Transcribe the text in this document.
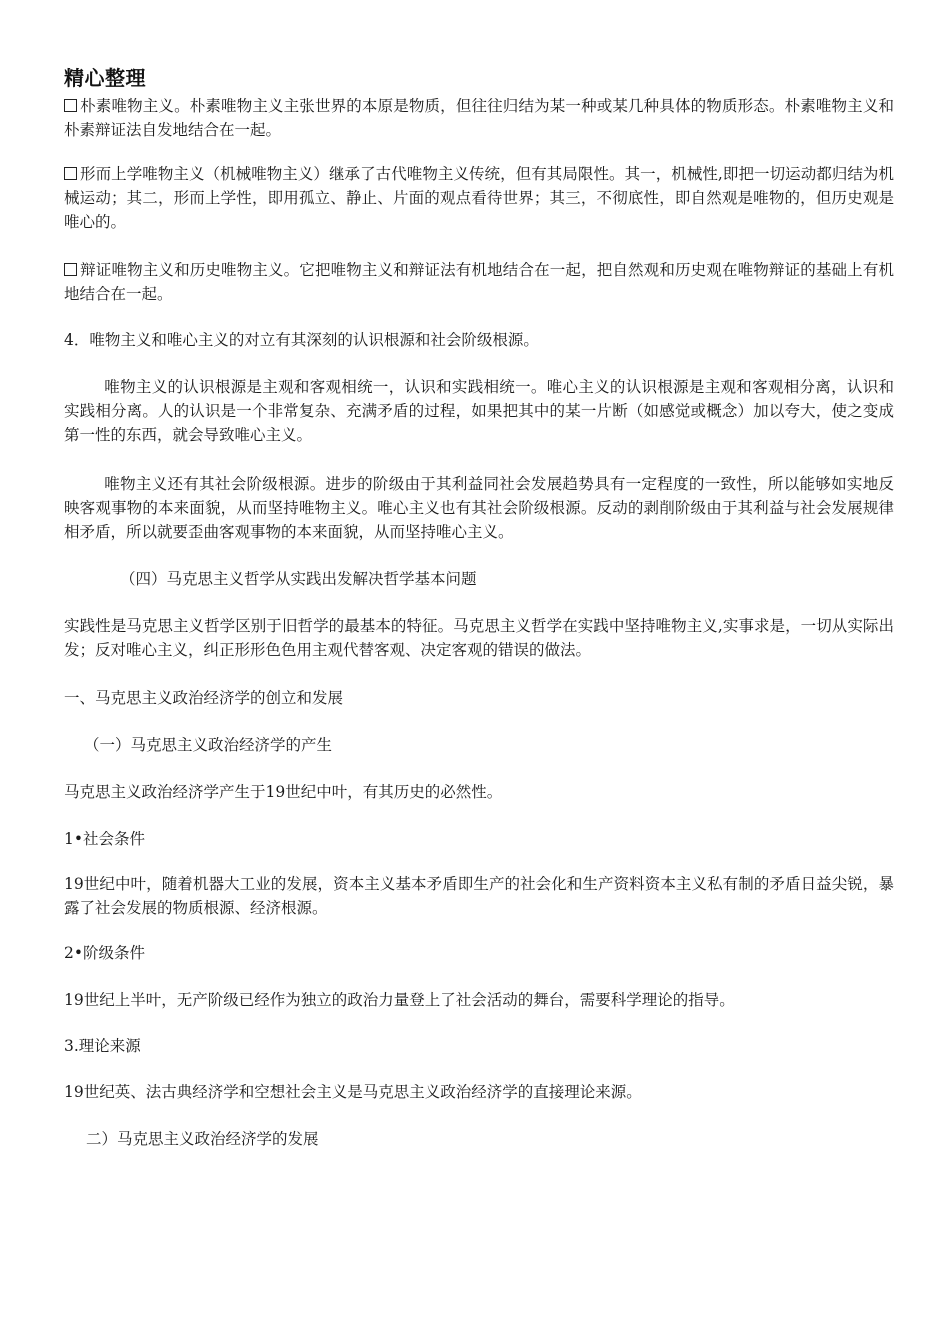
精心整理

朴素唯物主义。朴素唯物主义主张世界的本原是物质，但往往归结为某一种或某几种具体的物质形态。朴素唯物主义和朴素辩证法自发地结合在一起。

形而上学唯物主义（机械唯物主义）继承了古代唯物主义传统，但有其局限性。其一，机械性,即把一切运动都归结为机械运动；其二，形而上学性，即用孤立、静止、片面的观点看待世界；其三，不彻底性，即自然观是唯物的，但历史观是唯心的。

辩证唯物主义和历史唯物主义。它把唯物主义和辩证法有机地结合在一起，把自然观和历史观在唯物辩证的基础上有机地结合在一起。

4．唯物主义和唯心主义的对立有其深刻的认识根源和社会阶级根源。

唯物主义的认识根源是主观和客观相统一，认识和实践相统一。唯心主义的认识根源是主观和客观相分离，认识和实践相分离。人的认识是一个非常复杂、充满矛盾的过程，如果把其中的某一片断（如感觉或概念）加以夸大，使之变成第一性的东西，就会导致唯心主义。

唯物主义还有其社会阶级根源。进步的阶级由于其利益同社会发展趋势具有一定程度的一致性，所以能够如实地反映客观事物的本来面貌，从而坚持唯物主义。唯心主义也有其社会阶级根源。反动的剥削阶级由于其利益与社会发展规律相矛盾，所以就要歪曲客观事物的本来面貌，从而坚持唯心主义。

（四）马克思主义哲学从实践出发解决哲学基本问题

实践性是马克思主义哲学区别于旧哲学的最基本的特征。马克思主义哲学在实践中坚持唯物主义,实事求是，一切从实际出发；反对唯心主义，纠正形形色色用主观代替客观、决定客观的错误的做法。

一、马克思主义政治经济学的创立和发展

（一）马克思主义政治经济学的产生

马克思主义政治经济学产生于19世纪中叶，有其历史的必然性。

1•社会条件

19世纪中叶，随着机器大工业的发展，资本主义基本矛盾即生产的社会化和生产资料资本主义私有制的矛盾日益尖锐，暴露了社会发展的物质根源、经济根源。

2•阶级条件

19世纪上半叶，无产阶级已经作为独立的政治力量登上了社会活动的舞台，需要科学理论的指导。

3.理论来源

19世纪英、法古典经济学和空想社会主义是马克思主义政治经济学的直接理论来源。

二）马克思主义政治经济学的发展
